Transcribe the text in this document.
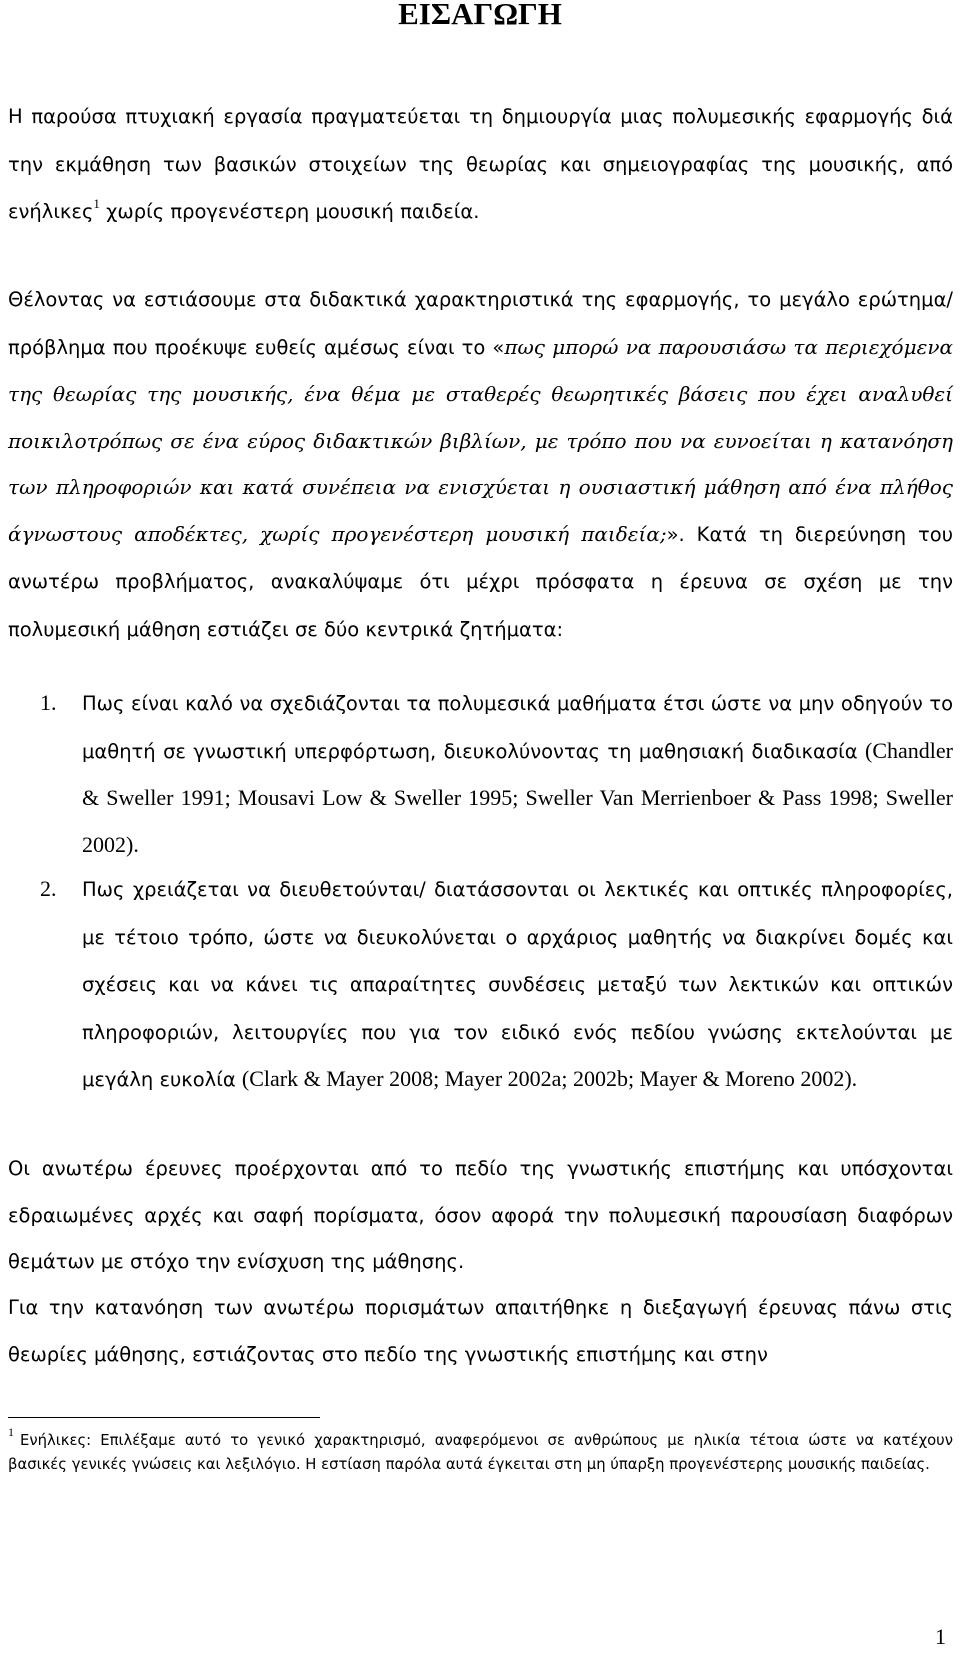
ΕΙΣΑΓΩΓΗ

Η παρούσα πτυχιακή εργασία πραγματεύεται τη δημιουργία μιας πολυμεσικής εφαρμογής διά την εκμάθηση των βασικών στοιχείων της θεωρίας και σημειογραφίας της μουσικής, από ενήλικες$^1$ χωρίς προγενέστερη μουσική παιδεία.

Θέλοντας να εστιάσουμε στα διδακτικά χαρακτηριστικά της εφαρμογής, το μεγάλο ερώτημα/πρόβλημα που προέκυψε ευθείς αμέσως είναι το «πως μπορώ να παρουσιάσω τα περιεχόμενα της θεωρίας της μουσικής, ένα θέμα με σταθερές θεωρητικές βάσεις που έχει αναλυθεί ποικιλοτρόπως σε ένα εύρος διδακτικών βιβλίων, με τρόπο που να ευνοείται η κατανόηση των πληροφοριών και κατά συνέπεια να ενισχύεται η ουσιαστική μάθηση από ένα πλήθος άγνωστους αποδέκτες, χωρίς προγενέστερη μουσική παιδεία;». Κατά τη διερεύνηση του ανωτέρω προβλήματος, ανακαλύψαμε ότι μέχρι πρόσφατα η έρευνα σε σχέση με την πολυμεσική μάθηση εστιάζει σε δύο κεντρικά ζητήματα:

1. Πως είναι καλό να σχεδιάζονται τα πολυμεσικά μαθήματα έτσι ώστε να μην οδηγούν το μαθητή σε γνωστική υπερφόρτωση, διευκολύνοντας τη μαθησιακή διαδικασία (Chandler & Sweller 1991; Mousavi Low & Sweller 1995; Sweller Van Merrienboer & Pass 1998; Sweller 2002).
2. Πως χρειάζεται να διευθετούνται/ διατάσσονται οι λεκτικές και οπτικές πληροφορίες, με τέτοιο τρόπο, ώστε να διευκολύνεται ο αρχάριος μαθητής να διακρίνει δομές και σχέσεις και να κάνει τις απαραίτητες συνδέσεις μεταξύ των λεκτικών και οπτικών πληροφοριών, λειτουργίες που για τον ειδικό ενός πεδίου γνώσης εκτελούνται με μεγάλη ευκολία (Clark & Mayer 2008; Mayer 2002a; 2002b; Mayer & Moreno 2002).

Οι ανωτέρω έρευνες προέρχονται από το πεδίο της γνωστικής επιστήμης και υπόσχονται εδραιωμένες αρχές και σαφή πορίσματα, όσον αφορά την πολυμεσική παρουσίαση διαφόρων θεμάτων με στόχο την ενίσχυση της μάθησης.

Για την κατανόηση των ανωτέρω πορισμάτων απαιτήθηκε η διεξαγωγή έρευνας πάνω στις θεωρίες μάθησης, εστιάζοντας στο πεδίο της γνωστικής επιστήμης και στην

$^1$ Ενήλικες: Επιλέξαμε αυτό το γενικό χαρακτηρισμό, αναφερόμενοι σε ανθρώπους με ηλικία τέτοια ώστε να κατέχουν βασικές γενικές γνώσεις και λεξιλόγιο. Η εστίαση παρόλα αυτά έγκειται στη μη ύπαρξη προγενέστερης μουσικής παιδείας.

1
